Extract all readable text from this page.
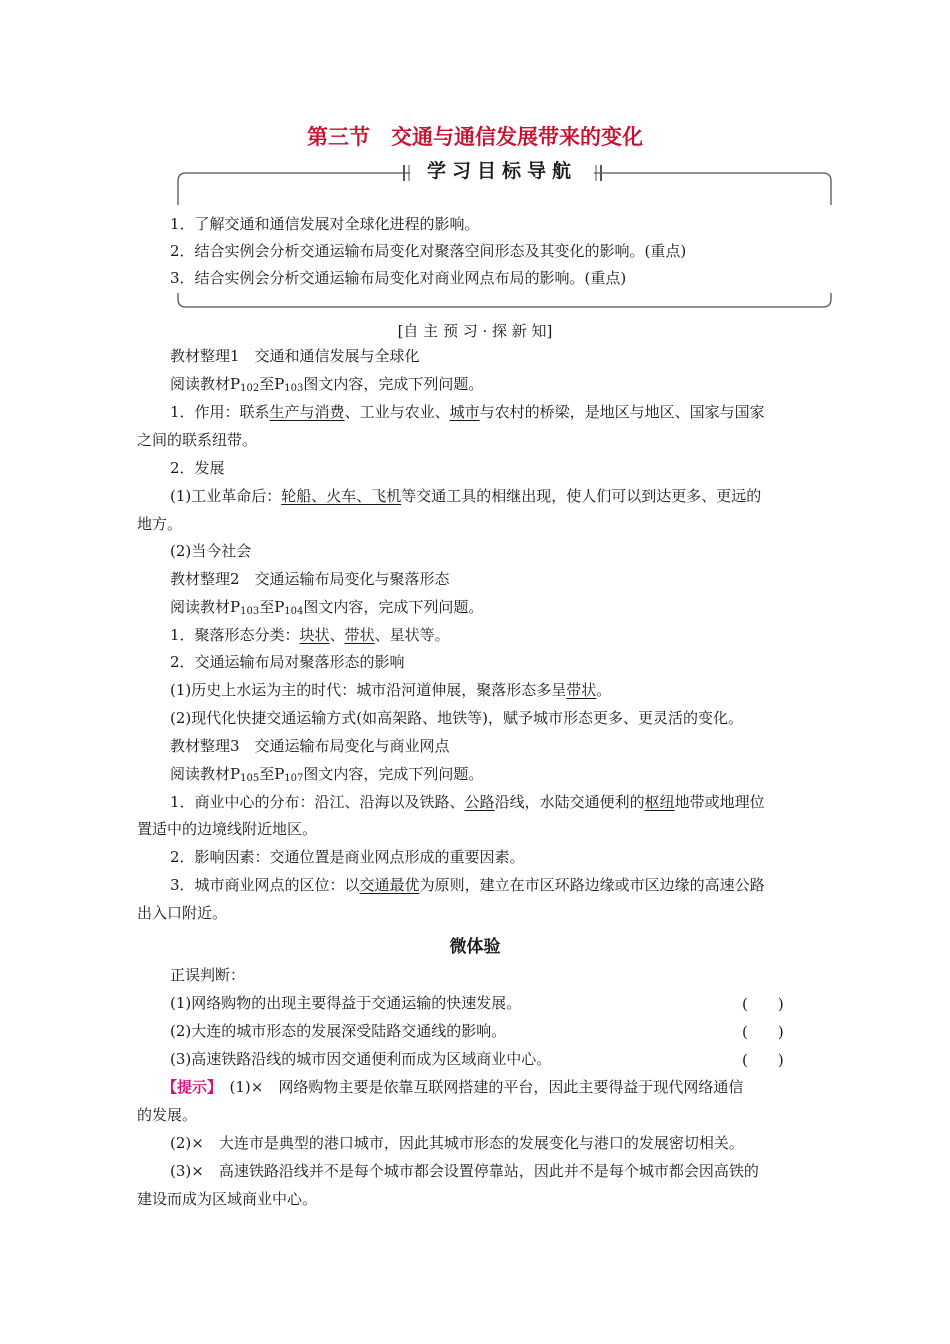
第三节　交通与通信发展带来的变化
学习目标导航
1．了解交通和通信发展对全球化进程的影响。
2．结合实例会分析交通运输布局变化对聚落空间形态及其变化的影响。(重点)
3．结合实例会分析交通运输布局变化对商业网点布局的影响。(重点)
[自 主 预 习 · 探 新 知]
教材整理1　交通和通信发展与全球化
阅读教材$P_{102}$至$P_{103}$图文内容，完成下列问题。
1．作用：联系生产与消费、工业与农业、城市与农村的桥梁，是地区与地区、国家与国家
之间的联系纽带。
2．发展
(1)工业革命后：轮船、火车、飞机等交通工具的相继出现，使人们可以到达更多、更远的
地方。
(2)当今社会
教材整理2　交通运输布局变化与聚落形态
阅读教材$P_{103}$至$P_{104}$图文内容，完成下列问题。
1．聚落形态分类：块状、带状、星状等。
2．交通运输布局对聚落形态的影响
(1)历史上水运为主的时代：城市沿河道伸展，聚落形态多呈带状。
(2)现代化快捷交通运输方式(如高架路、地铁等)，赋予城市形态更多、更灵活的变化。
教材整理3　交通运输布局变化与商业网点
阅读教材$P_{105}$至$P_{107}$图文内容，完成下列问题。
1．商业中心的分布：沿江、沿海以及铁路、公路沿线，水陆交通便利的枢纽地带或地理位
置适中的边境线附近地区。
2．影响因素：交通位置是商业网点形成的重要因素。
3．城市商业网点的区位：以交通最优为原则，建立在市区环路边缘或市区边缘的高速公路
出入口附近。
微体验
正误判断：
(1)网络购物的出现主要得益于交通运输的快速发展。	(　　)
(2)大连的城市形态的发展深受陆路交通线的影响。	(　　)
(3)高速铁路沿线的城市因交通便利而成为区域商业中心。	(　　)
【提示】　(1)×　网络购物主要是依靠互联网搭建的平台，因此主要得益于现代网络通信
的发展。
(2)×　大连市是典型的港口城市，因此其城市形态的发展变化与港口的发展密切相关。
(3)×　高速铁路沿线并不是每个城市都会设置停靠站，因此并不是每个城市都会因高铁的
建设而成为区域商业中心。
